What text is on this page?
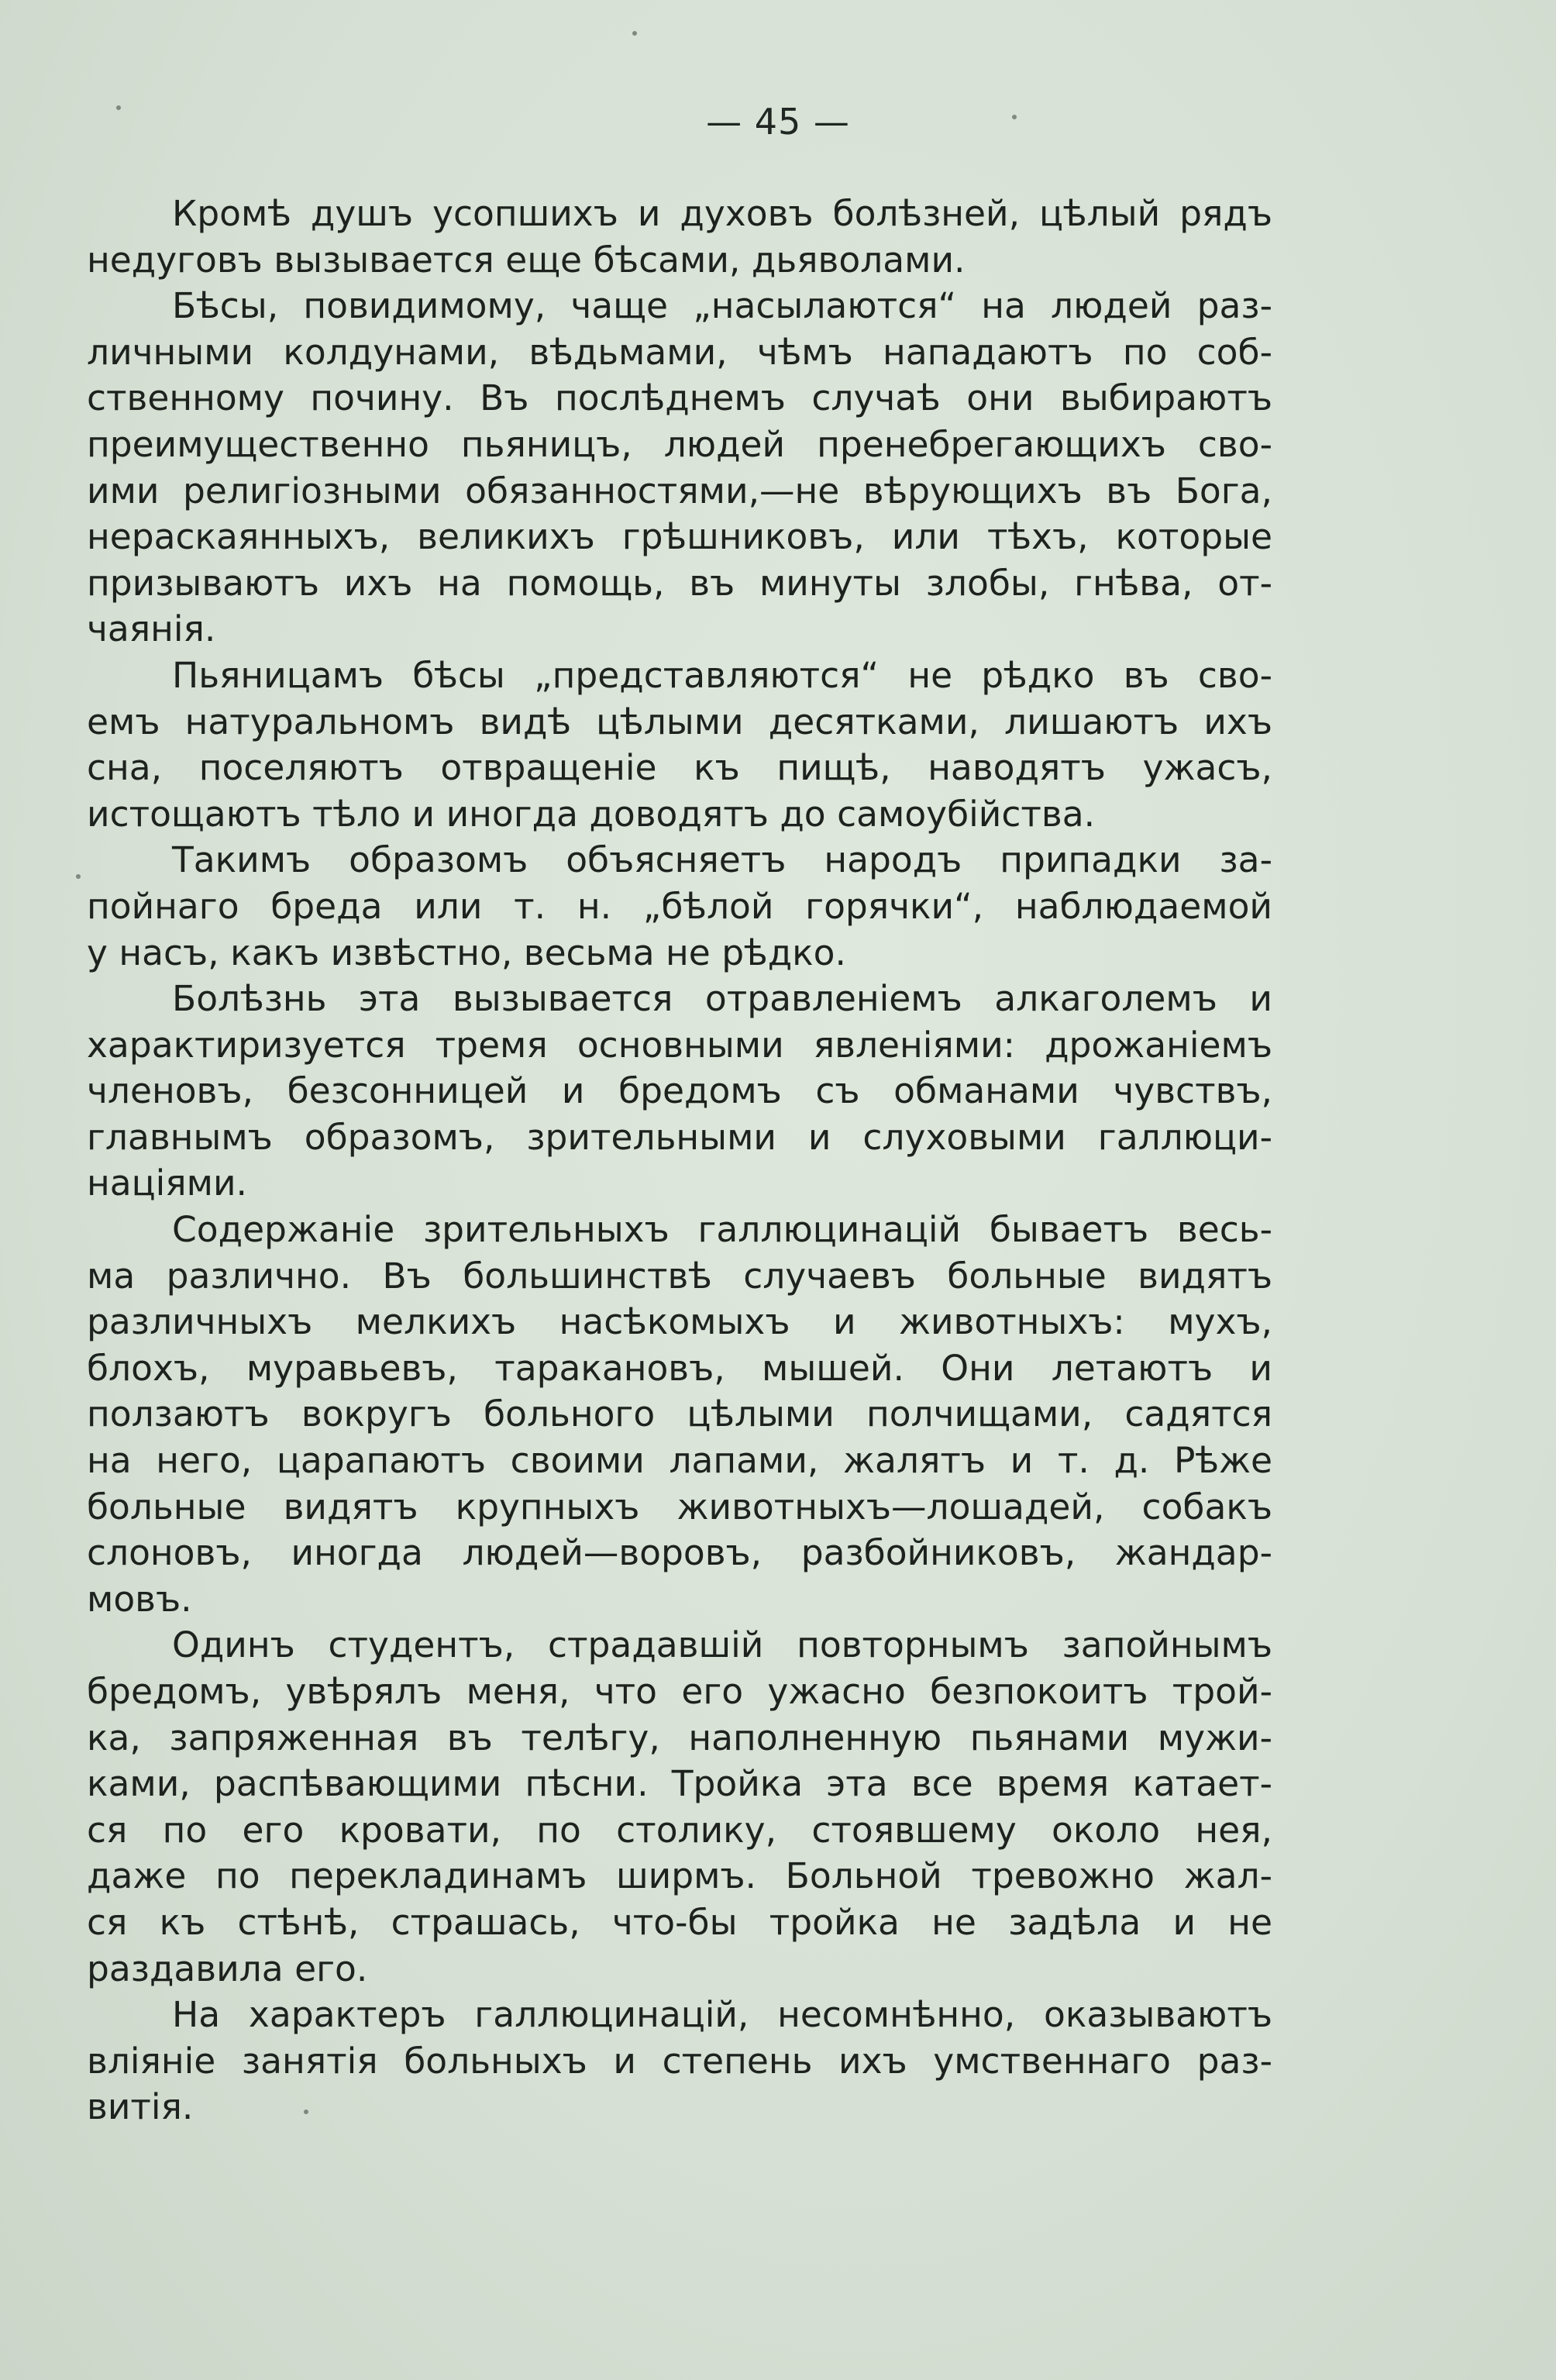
— 45 —
Кромѣ душъ усопшихъ и духовъ болѣзней, цѣлый рядъ
недуговъ вызывается еще бѣсами, дьяволами.
Бѣсы, повидимому, чаще „насылаются“ на людей раз-
личными колдунами, вѣдьмами, чѣмъ нападаютъ по соб-
ственному почину. Въ послѣднемъ случаѣ они выбираютъ
преимущественно пьяницъ, людей пренебрегающихъ сво-
ими религіозными обязанностями,—не вѣрующихъ въ Бога,
нераскаянныхъ, великихъ грѣшниковъ, или тѣхъ, которые
призываютъ ихъ на помощь, въ минуты злобы, гнѣва, от-
чаянія.
Пьяницамъ бѣсы „представляются“ не рѣдко въ сво-
емъ натуральномъ видѣ цѣлыми десятками, лишаютъ ихъ
сна, поселяютъ отвращеніе къ пищѣ, наводятъ ужасъ,
истощаютъ тѣло и иногда доводятъ до самоубійства.
Такимъ образомъ объясняетъ народъ припадки за-
пойнаго бреда или т. н. „бѣлой горячки“, наблюдаемой
у насъ, какъ извѣстно, весьма не рѣдко.
Болѣзнь эта вызывается отравленіемъ алкаголемъ и
характиризуется тремя основными явленіями: дрожаніемъ
членовъ, безсонницей и бредомъ съ обманами чувствъ,
главнымъ образомъ, зрительными и слуховыми галлюци-
націями.
Содержаніе зрительныхъ галлюцинацій бываетъ весь-
ма различно. Въ большинствѣ случаевъ больные видятъ
различныхъ мелкихъ насѣкомыхъ и животныхъ: мухъ,
блохъ, муравьевъ, таракановъ, мышей. Они летаютъ и
ползаютъ вокругъ больного цѣлыми полчищами, садятся
на него, царапаютъ своими лапами, жалятъ и т. д. Рѣже
больные видятъ крупныхъ животныхъ—лошадей, собакъ
слоновъ, иногда людей—воровъ, разбойниковъ, жандар-
мовъ.
Одинъ студентъ, страдавшій повторнымъ запойнымъ
бредомъ, увѣрялъ меня, что его ужасно безпокоитъ трой-
ка, запряженная въ телѣгу, наполненную пьянами мужи-
ками, распѣвающими пѣсни. Тройка эта все время катает-
ся по его кровати, по столику, стоявшему около нея,
даже по перекладинамъ ширмъ. Больной тревожно жал-
ся къ стѣнѣ, страшась, что-бы тройка не задѣла и не
раздавила его.
На характеръ галлюцинацій, несомнѣнно, оказываютъ
вліяніе занятія больныхъ и степень ихъ умственнаго раз-
витія.
